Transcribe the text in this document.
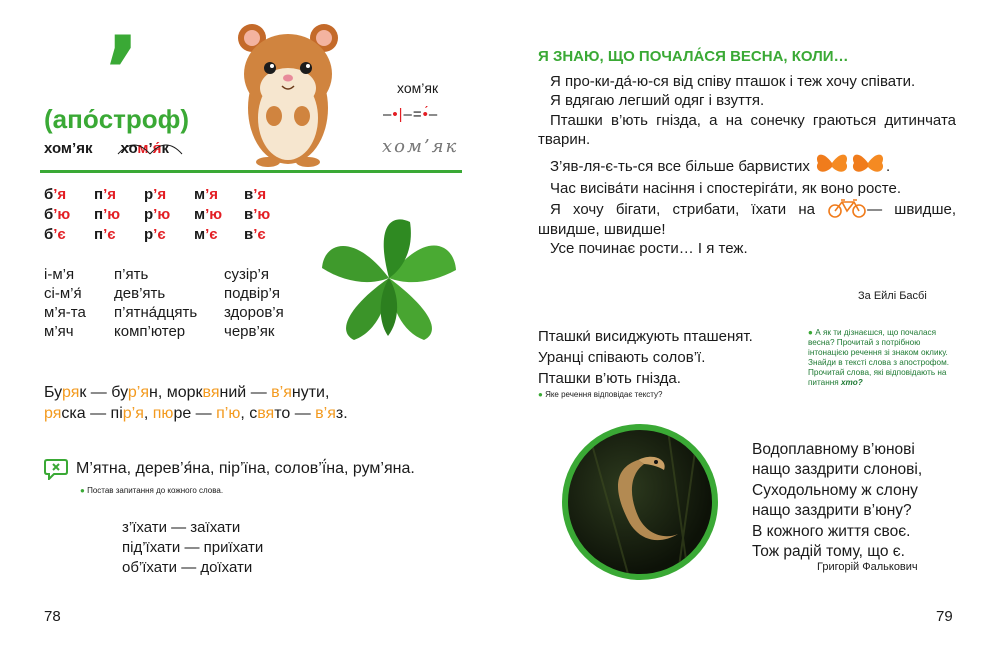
’
(апо́строф)
хом’як хом’я́к
хом’як
–•|–=•́–
хом’як
б’я	п’я	р’я	м’я	в’я
б’ю	п’ю	р’ю	м’ю	в’ю
б’є	п’є	р’є	м’є	в’є
і-м’я	п’ять	сузір’я
сі-м’я́	дев’ять	подвір’я
м’я-та	п’ятна́дцять	здоров’я
м’яч	комп’ютер	черв’як
Буряк — бур’ян, морквяний — в’янути,
ряска — пір’я, пюре — п’ю, свято — в’яз.
М’ятна, дерев’я́на, пір’їна, солов’ї́на, рум’яна.
● Постав запитання до кожного слова.
з’їхати — заїхати
під’їхати — приїхати
об’їхати — доїхати
78
Я ЗНАЮ, ЩО ПОЧАЛА́СЯ ВЕСНА, КОЛИ…

Я про-ки-да́-ю-ся від співу пташок і теж хочу співати.

Я вдягаю легший одяг і взуття.

Пташки в’ють гнізда, а на сонечку граються дитинчата тварин.

З’яв-ля-є-ть-ся все більше барвистих	.

Час висіва́ти насіння і спостеріга́ти, як воно росте.

Я хочу бігати, стрибати, їхати на	— швидше, швидше, швидше!

Усе починає рости… І я теж.

За Ейлі Басбі
Пташки́ висиджують пташенят.
Уранці співають солов’ї.
Пташки в’ють гнізда.
● Яке речення відповідає тексту?
● А як ти дізнаєшся, що почалася весна? Прочитай з потрібною інтонацією речення зі знаком оклику. Знайди в тексті слова з апострофом. Прочитай слова, які відповідають на питання хто?
Водоплавному в’юнові
нащо заздрити слонові,
Суходольному ж слону
нащо заздрити в’юну?
В кожного життя своє.
Тож радій тому, що є.
Григорій Фалькович
79
